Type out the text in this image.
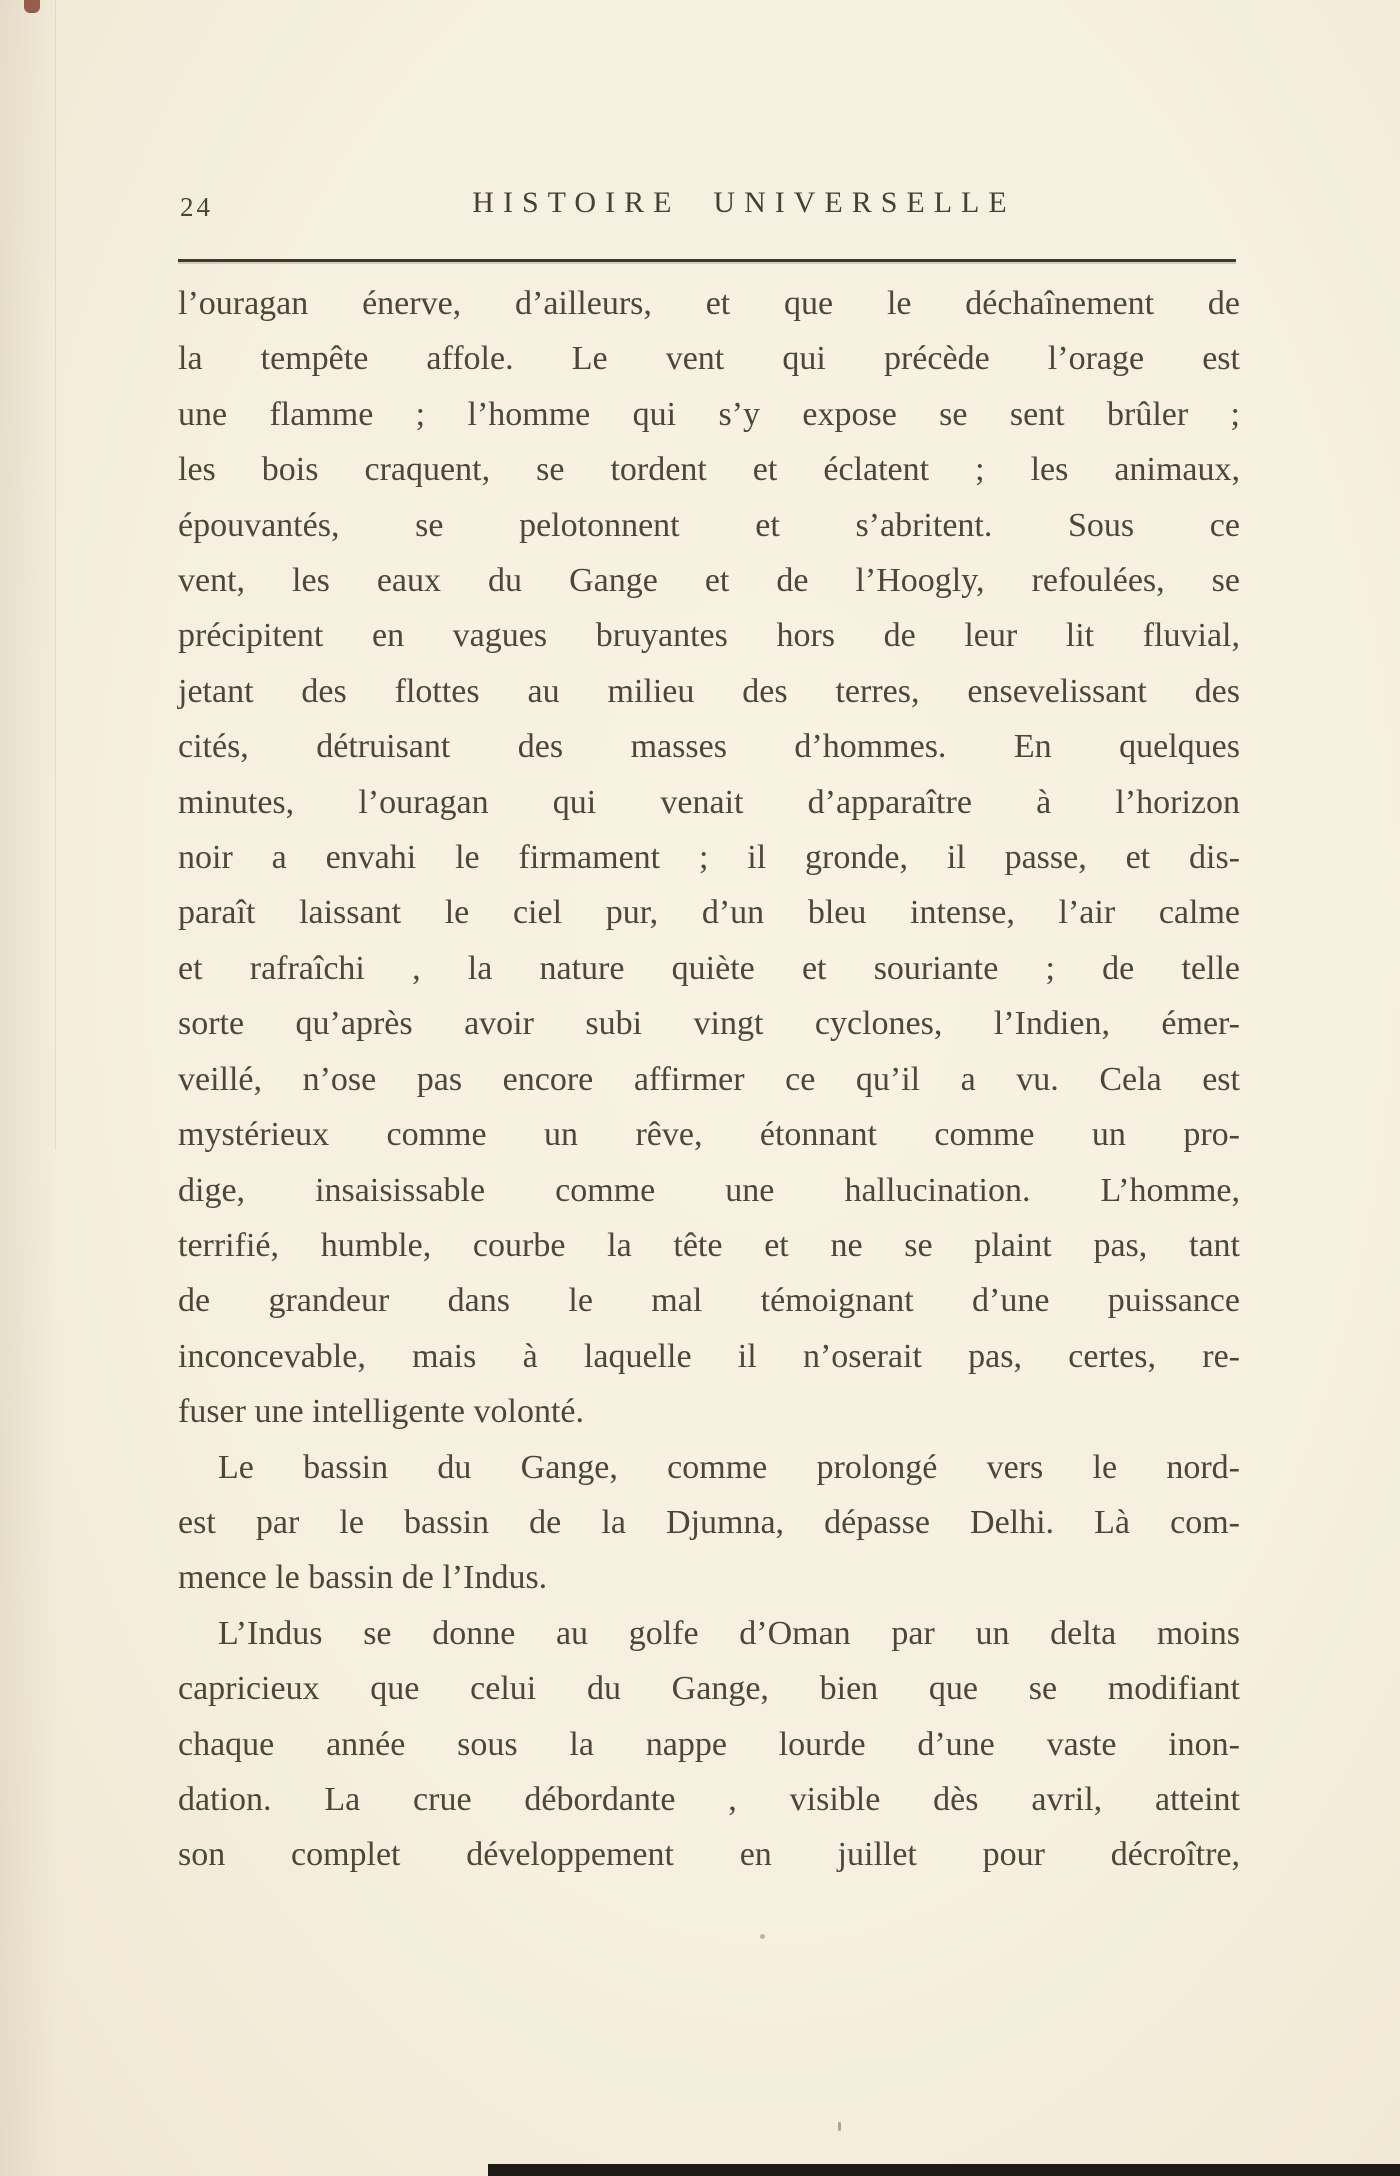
24	HISTOIRE UNIVERSELLE
l’ouragan énerve, d’ailleurs, et que le déchaînement de
la tempête affole. Le vent qui précède l’orage est
une flamme ; l’homme qui s’y expose se sent brûler ;
les bois craquent, se tordent et éclatent ; les animaux,
épouvantés, se pelotonnent et s’abritent. Sous ce
vent, les eaux du Gange et de l’Hoogly, refoulées, se
précipitent en vagues bruyantes hors de leur lit fluvial,
jetant des flottes au milieu des terres, ensevelissant des
cités, détruisant des masses d’hommes. En quelques
minutes, l’ouragan qui venait d’apparaître à l’horizon
noir a envahi le firmament ; il gronde, il passe, et dis-
paraît laissant le ciel pur, d’un bleu intense, l’air calme
et rafraîchi , la nature quiète et souriante ; de telle
sorte qu’après avoir subi vingt cyclones, l’Indien, émer-
veillé, n’ose pas encore affirmer ce qu’il a vu. Cela est
mystérieux comme un rêve, étonnant comme un pro-
dige, insaisissable comme une hallucination. L’homme,
terrifié, humble, courbe la tête et ne se plaint pas, tant
de grandeur dans le mal témoignant d’une puissance
inconcevable, mais à laquelle il n’oserait pas, certes, re-
fuser une intelligente volonté.
Le bassin du Gange, comme prolongé vers le nord-
est par le bassin de la Djumna, dépasse Delhi. Là com-
mence le bassin de l’Indus.
L’Indus se donne au golfe d’Oman par un delta moins
capricieux que celui du Gange, bien que se modifiant
chaque année sous la nappe lourde d’une vaste inon-
dation. La crue débordante , visible dès avril, atteint
son complet développement en juillet pour décroître,
